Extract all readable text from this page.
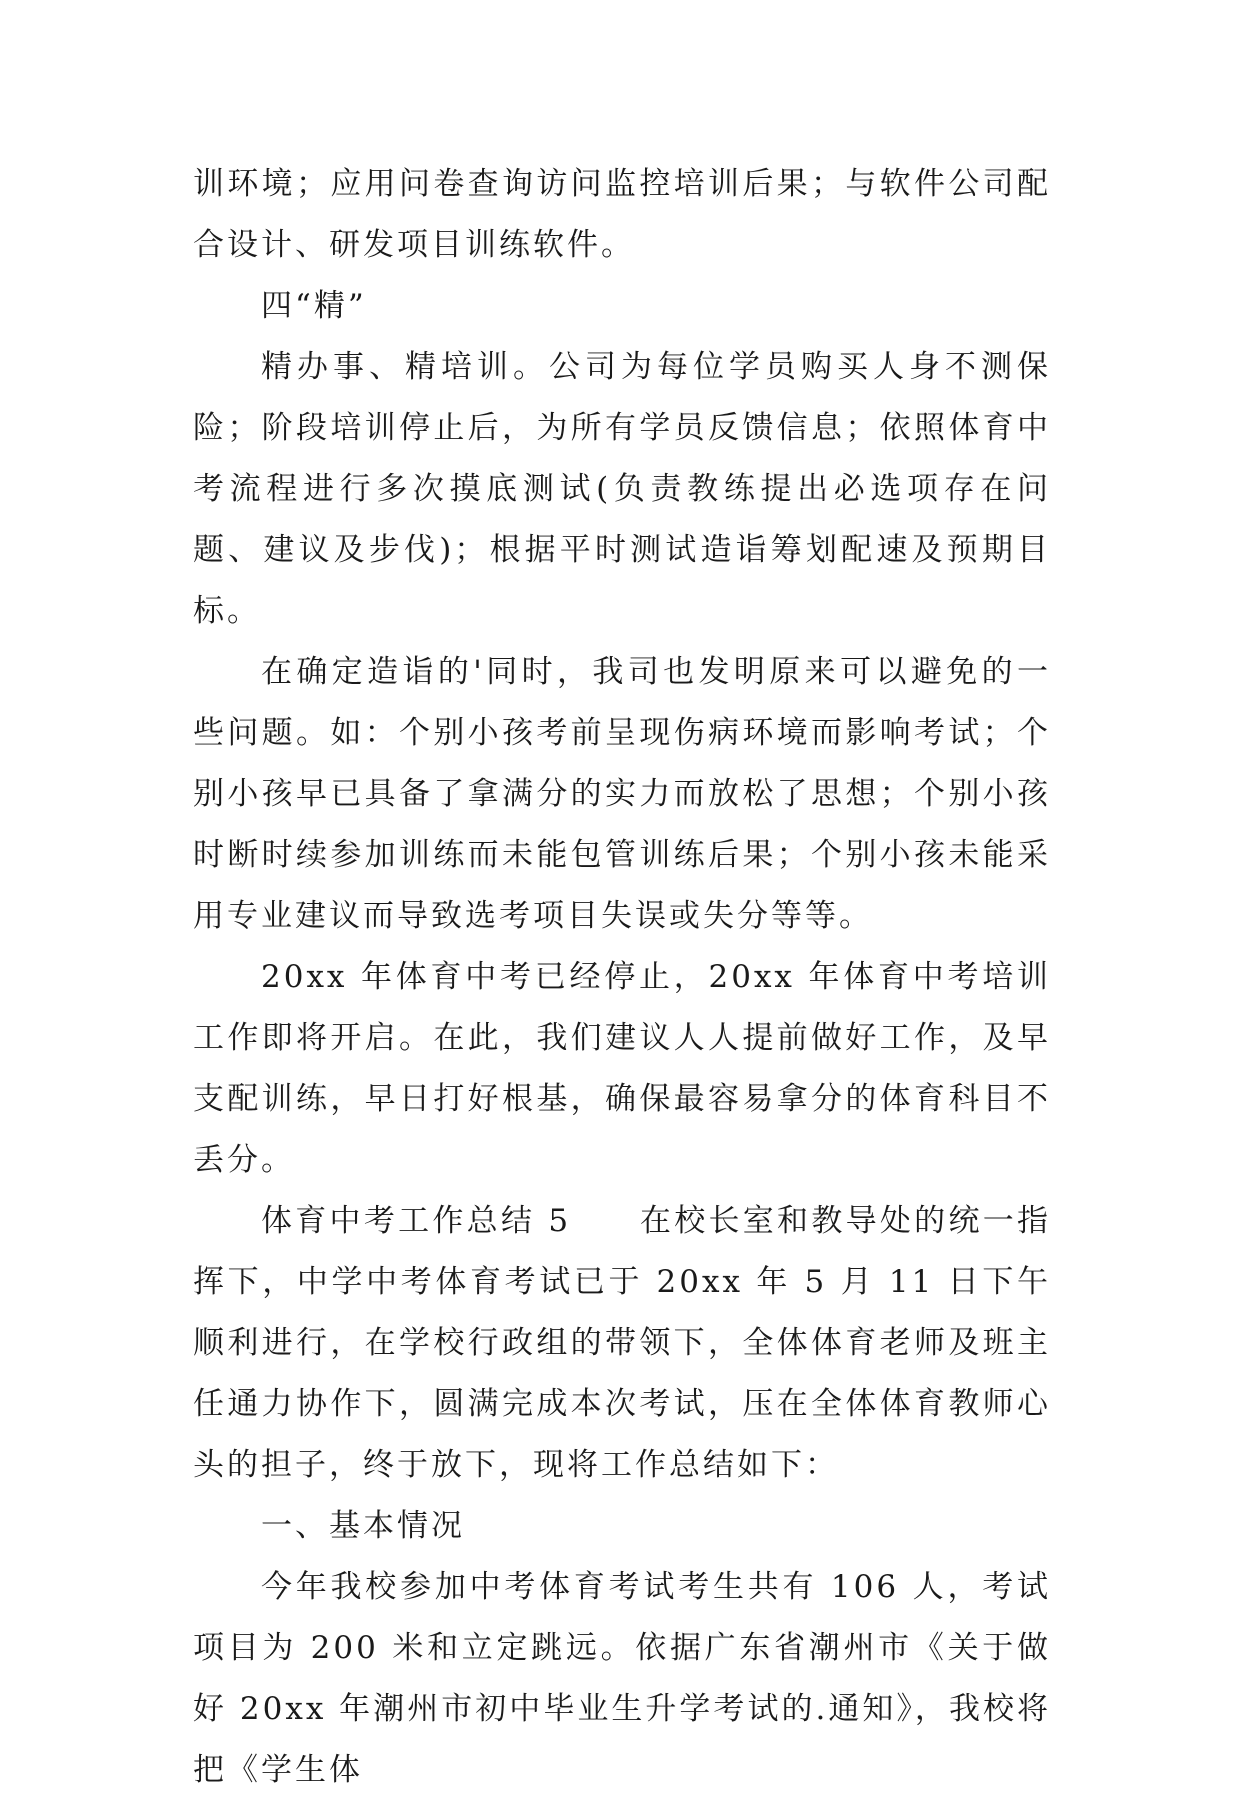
训环境；应用问卷查询访问监控培训后果；与软件公司配合设计、研发项目训练软件。

四“精”

精办事、精培训。公司为每位学员购买人身不测保险；阶段培训停止后，为所有学员反馈信息；依照体育中考流程进行多次摸底测试(负责教练提出必选项存在问题、建议及步伐)；根据平时测试造诣筹划配速及预期目标。

在确定造诣的'同时，我司也发明原来可以避免的一些问题。如：个别小孩考前呈现伤病环境而影响考试；个别小孩早已具备了拿满分的实力而放松了思想；个别小孩时断时续参加训练而未能包管训练后果；个别小孩未能采用专业建议而导致选考项目失误或失分等等。

20xx 年体育中考已经停止，20xx 年体育中考培训工作即将开启。在此，我们建议人人提前做好工作，及早支配训练，早日打好根基，确保最容易拿分的体育科目不丢分。

体育中考工作总结 5　　在校长室和教导处的统一指挥下，中学中考体育考试已于 20xx 年 5 月 11 日下午顺利进行，在学校行政组的带领下，全体体育老师及班主任通力协作下，圆满完成本次考试，压在全体体育教师心头的担子，终于放下，现将工作总结如下：

一、基本情况

今年我校参加中考体育考试考生共有 106 人，考试项目为 200 米和立定跳远。依据广东省潮州市《关于做好 20xx 年潮州市初中毕业生升学考试的.通知》，我校将把《学生体
